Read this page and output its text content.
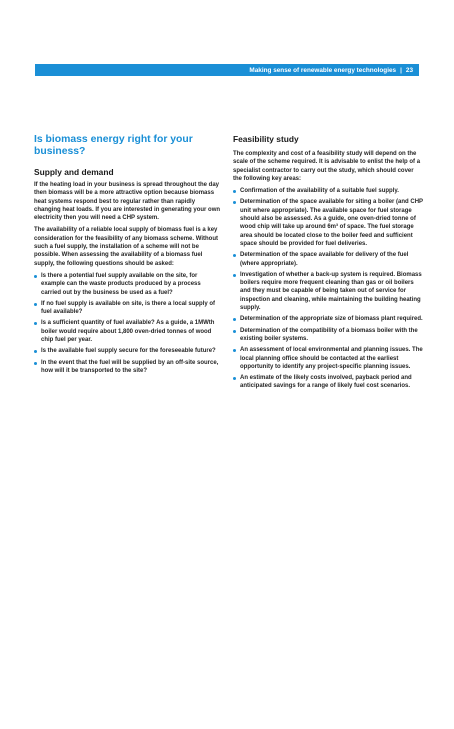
Making sense of renewable energy technologies | 23
Is biomass energy right for your business?
Supply and demand

If the heating load in your business is spread throughout the day then biomass will be a more attractive option because biomass heat systems respond best to regular rather than rapidly changing heat loads. If you are interested in generating your own electricity then you will need a CHP system.

The availability of a reliable local supply of biomass fuel is a key consideration for the feasibility of any biomass scheme. Without such a fuel supply, the installation of a scheme will not be possible. When assessing the availability of a biomass fuel supply, the following questions should be asked:

Is there a potential fuel supply available on the site, for example can the waste products produced by a process carried out by the business be used as a fuel?
If no fuel supply is available on site, is there a local supply of fuel available?
Is a sufficient quantity of fuel available? As a guide, a 1MWth boiler would require about 1,800 oven-dried tonnes of wood chip fuel per year.
Is the available fuel supply secure for the foreseeable future?
In the event that the fuel will be supplied by an off-site source, how will it be transported to the site?
Feasibility study

The complexity and cost of a feasibility study will depend on the scale of the scheme required. It is advisable to enlist the help of a specialist contractor to carry out the study, which should cover the following key areas:

Confirmation of the availability of a suitable fuel supply.
Determination of the space available for siting a boiler (and CHP unit where appropriate). The available space for fuel storage should also be assessed. As a guide, one oven-dried tonne of wood chip will take up around 6m³ of space. The fuel storage area should be located close to the boiler feed and sufficient space should be provided for fuel deliveries.
Determination of the space available for delivery of the fuel (where appropriate).
Investigation of whether a back-up system is required. Biomass boilers require more frequent cleaning than gas or oil boilers and they must be capable of being taken out of service for inspection and cleaning, while maintaining the building heating supply.
Determination of the appropriate size of biomass plant required.
Determination of the compatibility of a biomass boiler with the existing boiler systems.
An assessment of local environmental and planning issues. The local planning office should be contacted at the earliest opportunity to identify any project-specific planning issues.
An estimate of the likely costs involved, payback period and anticipated savings for a range of likely fuel cost scenarios.
